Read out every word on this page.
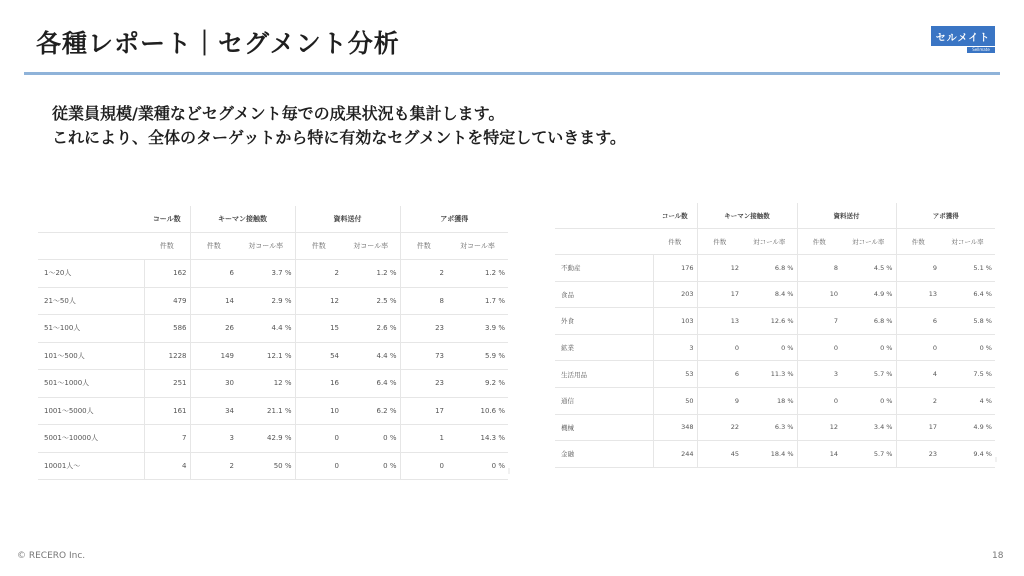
各種レポート｜セグメント分析	セルメイト
Sellmate
従業員規模/業種などセグメント毎での成果状況も集計します。
これにより、全体のターゲットから特に有効なセグメントを特定していきます。
	コール数	キーマン接触数		資料送付		アポ獲得	
	件数	件数	対コール率	件数	対コール率	件数	対コール率
1～20人	162	6	3.7 %	2	1.2 %	2	1.2 %
21～50人	479	14	2.9 %	12	2.5 %	8	1.7 %
51～100人	586	26	4.4 %	15	2.6 %	23	3.9 %
101～500人	1228	149	12.1 %	54	4.4 %	73	5.9 %
501～1000人	251	30	12 %	16	6.4 %	23	9.2 %
1001～5000人	161	34	21.1 %	10	6.2 %	17	10.6 %
5001～10000人	7	3	42.9 %	0	0 %	1	14.3 %
10001人～	4	2	50 %	0	0 %	0	0 %
	コール数	キーマン接触数		資料送付		アポ獲得	
	件数	件数	対コール率	件数	対コール率	件数	対コール率
不動産	176	12	6.8 %	8	4.5 %	9	5.1 %
食品	203	17	8.4 %	10	4.9 %	13	6.4 %
外食	103	13	12.6 %	7	6.8 %	6	5.8 %
鉱業	3	0	0 %	0	0 %	0	0 %
生活用品	53	6	11.3 %	3	5.7 %	4	7.5 %
通信	50	9	18 %	0	0 %	2	4 %
機械	348	22	6.3 %	12	3.4 %	17	4.9 %
金融	244	45	18.4 %	14	5.7 %	23	9.4 %
© RECERO Inc.	18
